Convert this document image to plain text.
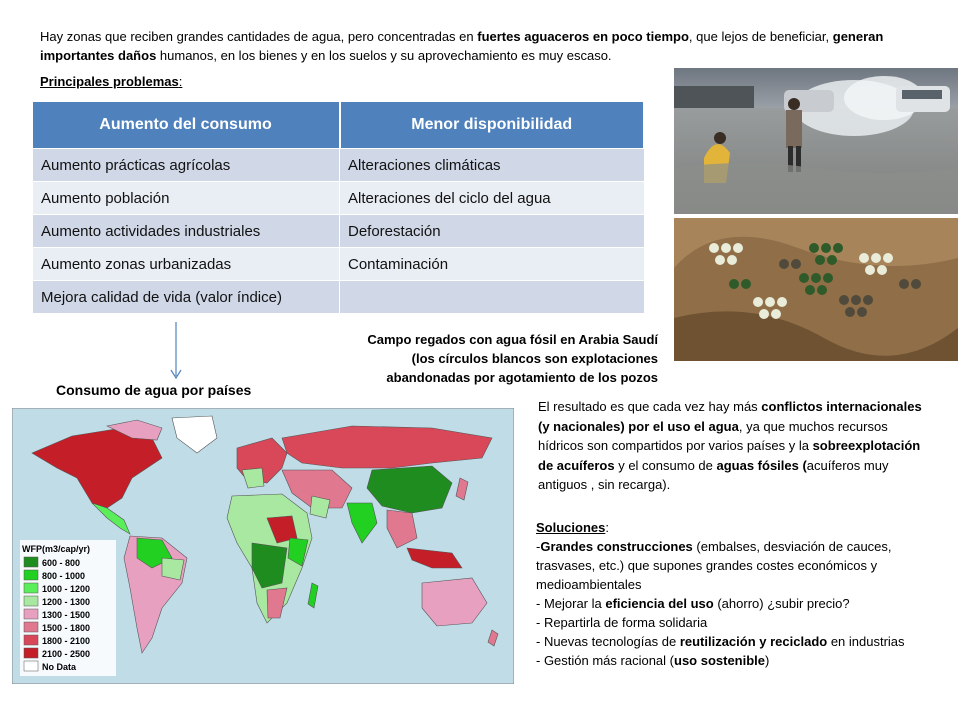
Hay zonas que reciben grandes cantidades de agua, pero concentradas en fuertes aguaceros en poco tiempo, que lejos de beneficiar, generan importantes daños humanos, en los bienes y en los suelos y su aprovechamiento es muy escaso.
Principales problemas:
Aumento del consumo	Menor disponibilidad
Aumento prácticas agrícolas	Alteraciones climáticas
Aumento población	Alteraciones del ciclo del agua
Aumento actividades industriales	Deforestación
Aumento zonas urbanizadas	Contaminación
Mejora calidad de vida (valor índice)	
Campo regados con agua fósil en Arabia Saudí
(los círculos blancos son explotaciones
abandonadas por agotamiento de los pozos
Consumo de agua por países
WFP(m3/cap/yr)
600 - 800
800 - 1000
1000 - 1200
1200 - 1300
1300 - 1500
1500 - 1800
1800 - 2100
2100 - 2500
No Data
El resultado es que cada vez hay más conflictos internacionales (y nacionales) por el uso el agua, ya que muchos recursos hídricos son compartidos por varios países y la sobreexplotación de acuíferos y el consumo de aguas fósiles (acuíferos muy antiguos , sin recarga).
Soluciones:
-Grandes construcciones (embalses, desviación de cauces, trasvases, etc.) que supones grandes costes económicos y medioambientales
- Mejorar la eficiencia del uso (ahorro) ¿subir precio?
- Repartirla de forma solidaria
- Nuevas tecnologías de reutilización y reciclado en industrias
- Gestión más racional (uso sostenible)
